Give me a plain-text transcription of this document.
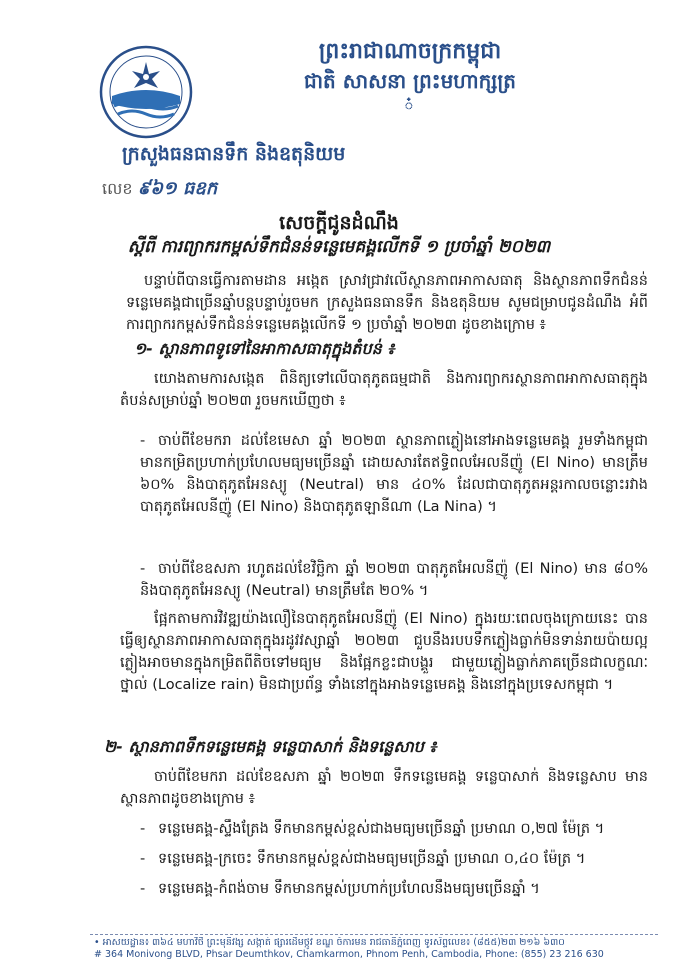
ព្រះរាជាណាចក្រកម្ពុជា
ជាតិ សាសនា ព្រះមហាក្សត្រ
៎៎៎
ក្រសួងធនធានទឹក និងឧតុនិយម
លេខ ៩៦១ ធឧក
សេចក្ដីជូនដំណឹង
ស្ដីពី ការព្យាករកម្ពស់ទឹកជំនន់ទន្លេមេគង្គលើកទី ១ ប្រចាំឆ្នាំ ២០២៣
បន្ទាប់ពីបានធ្វើការតាមដាន អង្កេត ស្រាវជ្រាវលើស្ថានភាពអាកាសធាតុ និងស្ថានភាពទឹកជំនន់ទន្លេមេគង្គជាច្រើនឆ្នាំបន្តបន្ទាប់រួចមក ក្រសួងធនធានទឹក និងឧតុនិយម សូមជម្រាបជូនដំណឹង អំពីការព្យាករកម្ពស់ទឹកជំនន់ទន្លេមេគង្គលើកទី ១ ប្រចាំឆ្នាំ ២០២៣ ដូចខាងក្រោម ៖
១- ស្ថានភាពទូទៅនៃអាកាសធាតុក្នុងតំបន់ ៖
យោងតាមការសង្កេត ពិនិត្យទៅលើបាតុភូតធម្មជាតិ និងការព្យាករស្ថានភាពអាកាសធាតុក្នុងតំបន់សម្រាប់ឆ្នាំ ២០២៣ រួចមកឃើញថា ៖
- ចាប់ពីខែមករា ដល់ខែមេសា ឆ្នាំ ២០២៣ ស្ថានភាពភ្លៀងនៅអាងទន្លេមេគង្គ រួមទាំងកម្ពុជា មានកម្រិតប្រហាក់ប្រហែលមធ្យមច្រើនឆ្នាំ ដោយសារតែឥទ្ធិពលអែលនីញ៉ូ (El Nino) មានត្រឹម ៦០% និងបាតុភូតអែនស្យូ (Neutral) មាន ៤០% ដែលជាបាតុភូតអន្តរកាលចន្លោះរវាងបាតុភូតអែលនីញ៉ូ (El Nino) និងបាតុភូតឡានីណា (La Nina) ។
- ចាប់ពីខែឧសភា រហូតដល់ខែវិច្ឆិកា ឆ្នាំ ២០២៣ បាតុភូតអែលនីញ៉ូ (El Nino) មាន ៨០% និងបាតុភូតអែនស្យូ (Neutral) មានត្រឹមតែ ២០% ។
ផ្អែកតាមការវិវឌ្ឍយ៉ាងលឿនៃបាតុភូតអែលនីញ៉ូ (El Nino) ក្នុងរយៈពេលចុងក្រោយនេះ បានធ្វើឲ្យស្ថានភាពអាកាសធាតុក្នុងរដូវវស្សាឆ្នាំ ២០២៣ ជួបនឹងរបបទឹកភ្លៀងធ្លាក់មិនទាន់រាយប៉ាយល្អ ភ្លៀងអាចមានក្នុងកម្រិតពីតិចទៅមធ្យម និងផ្អែកខ្លះជាបង្គួរ ជាមួយភ្លៀងធ្លាក់ភាគច្រើនជាលក្ខណៈថ្នាល់ (Localize rain) មិនជាប្រព័ន្ធ ទាំងនៅក្នុងអាងទន្លេមេគង្គ និងនៅក្នុងប្រទេសកម្ពុជា ។
២- ស្ថានភាពទឹកទន្លេមេគង្គ ទន្លេបាសាក់ និងទន្លេសាប ៖
ចាប់ពីខែមករា ដល់ខែឧសភា ឆ្នាំ ២០២៣ ទឹកទន្លេមេគង្គ ទន្លេបាសាក់ និងទន្លេសាប មានស្ថានភាពដូចខាងក្រោម ៖
- ទន្លេមេគង្គ-ស្ទឹងត្រែង ទឹកមានកម្ពស់ខ្ពស់ជាងមធ្យមច្រើនឆ្នាំ ប្រមាណ ០,២៧ ម៉ែត្រ ។
- ទន្លេមេគង្គ-ក្រចេះ ទឹកមានកម្ពស់ខ្ពស់ជាងមធ្យមច្រើនឆ្នាំ ប្រមាណ ០,៤០ ម៉ែត្រ ។
- ទន្លេមេគង្គ-កំពង់ចាម ទឹកមានកម្ពស់ប្រហាក់ប្រហែលនឹងមធ្យមច្រើនឆ្នាំ ។
• អាសយដ្ឋាន៖ ៣៦៤ មហាវិថី ព្រះមុនីវង្ស សង្កាត់ ផ្សារដើមថ្កូវ ខណ្ឌ ចំការមន រាជធានីភ្នំពេញ ទូរស័ព្ទលេខ៖ (៨៥៥)២៣ ២១៦ ៦៣០
# 364 Monivong BLVD, Phsar Deumthkov, Chamkarmon, Phnom Penh, Cambodia, Phone: (855) 23 216 630
